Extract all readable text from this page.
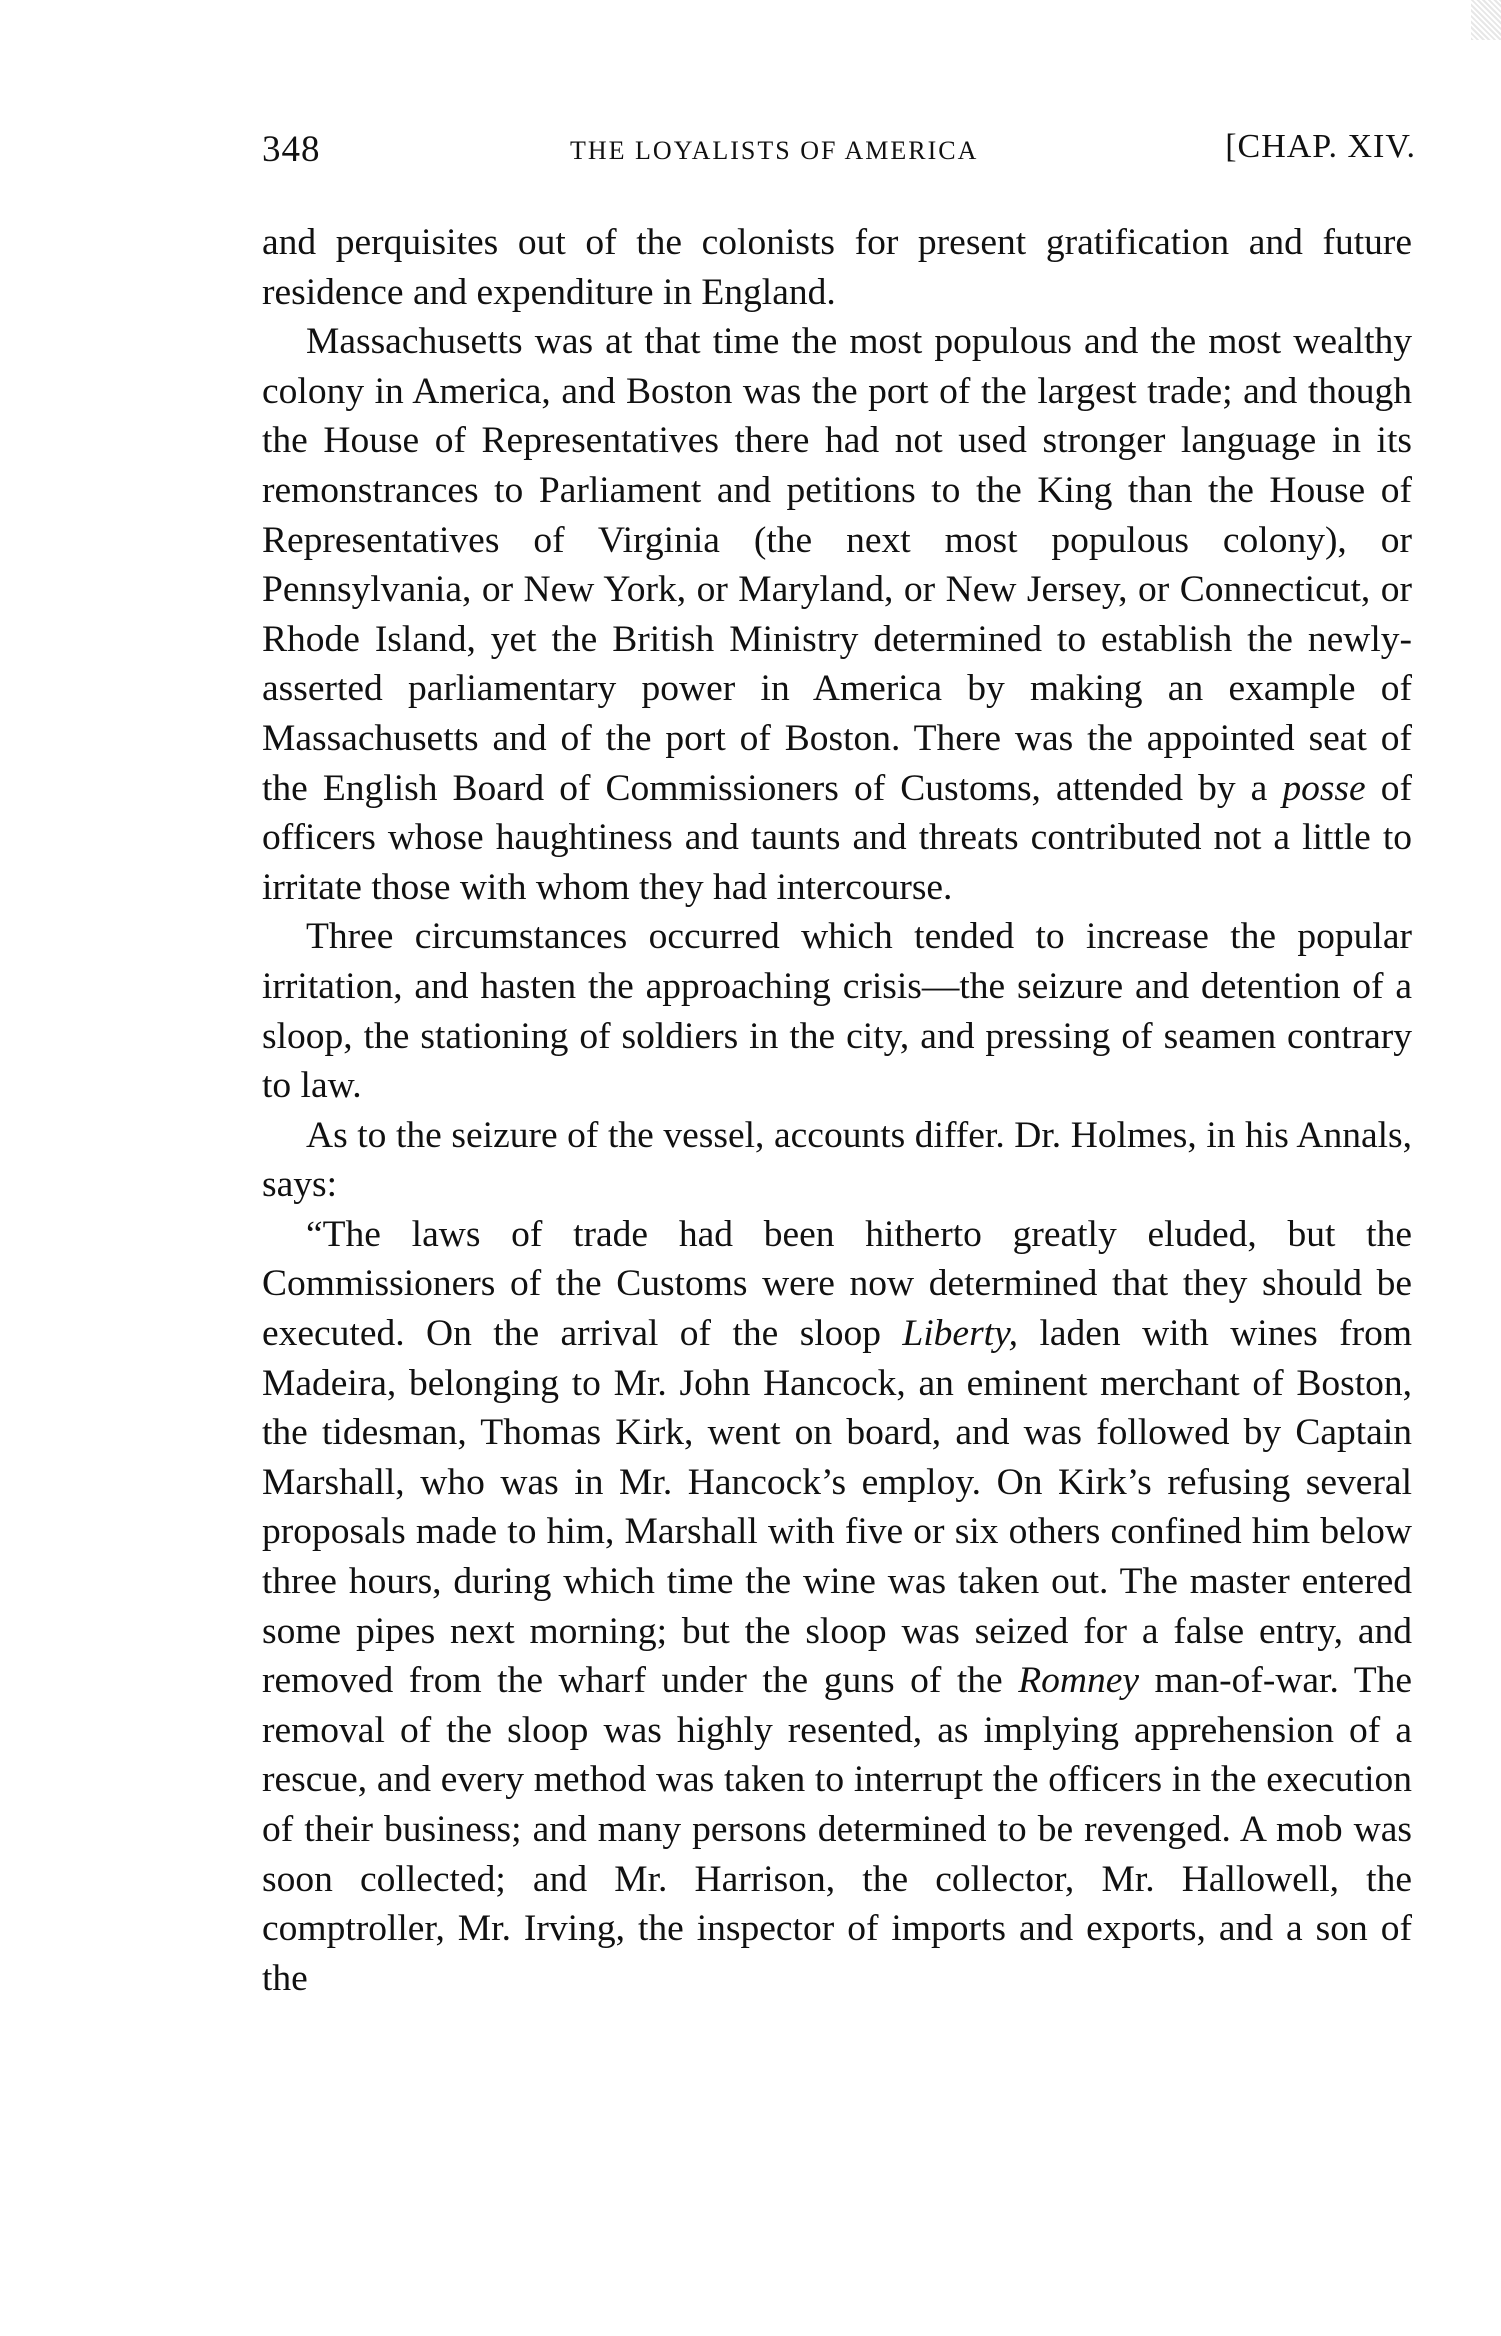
348	THE LOYALISTS OF AMERICA	[CHAP. XIV.

and perquisites out of the colonists for present gratification and future residence and expenditure in England.

Massachusetts was at that time the most populous and the most wealthy colony in America, and Boston was the port of the largest trade; and though the House of Representatives there had not used stronger language in its remonstrances to Parliament and petitions to the King than the House of Representatives of Virginia (the next most populous colony), or Pennsylvania, or New York, or Maryland, or New Jersey, or Connecticut, or Rhode Island, yet the British Ministry determined to establish the newly-asserted parliamentary power in America by making an example of Massachusetts and of the port of Boston. There was the appointed seat of the English Board of Commissioners of Customs, attended by a posse of officers whose haughtiness and taunts and threats contributed not a little to irritate those with whom they had intercourse.

Three circumstances occurred which tended to increase the popular irritation, and hasten the approaching crisis—the seizure and detention of a sloop, the stationing of soldiers in the city, and pressing of seamen contrary to law.

As to the seizure of the vessel, accounts differ. Dr. Holmes, in his Annals, says:

“The laws of trade had been hitherto greatly eluded, but the Commissioners of the Customs were now determined that they should be executed. On the arrival of the sloop Liberty, laden with wines from Madeira, belonging to Mr. John Hancock, an eminent merchant of Boston, the tidesman, Thomas Kirk, went on board, and was followed by Captain Marshall, who was in Mr. Hancock’s employ. On Kirk’s refusing several proposals made to him, Marshall with five or six others confined him below three hours, during which time the wine was taken out. The master entered some pipes next morning; but the sloop was seized for a false entry, and removed from the wharf under the guns of the Romney man-of-war. The removal of the sloop was highly resented, as implying apprehension of a rescue, and every method was taken to interrupt the officers in the execution of their business; and many persons determined to be revenged. A mob was soon collected; and Mr. Harrison, the collector, Mr. Hallowell, the comptroller, Mr. Irving, the inspector of imports and exports, and a son of the
